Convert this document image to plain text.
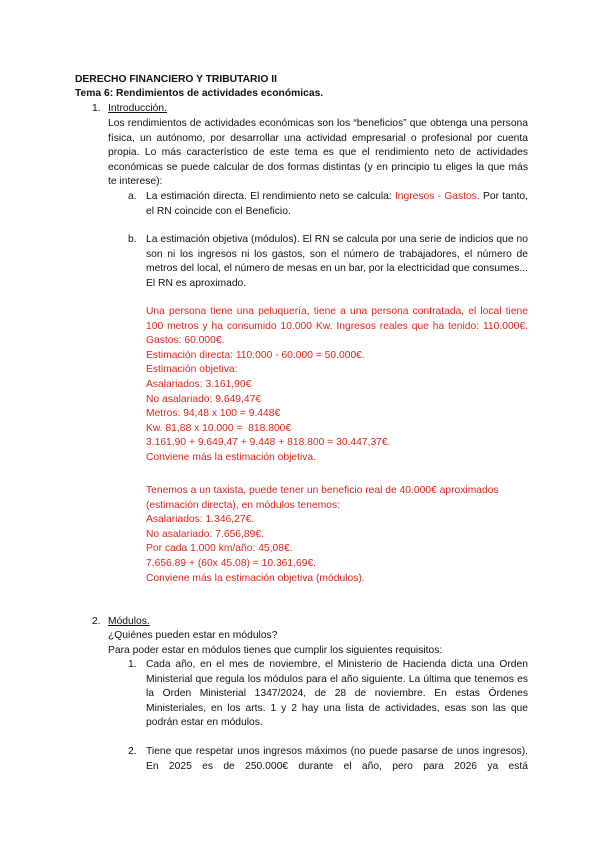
DERECHO FINANCIERO Y TRIBUTARIO II
Tema 6: Rendimientos de actividades económicas.
1. Introducción.

Los rendimientos de actividades económicas son los “beneficios” que obtenga una persona física, un autónomo, por desarrollar una actividad empresarial o profesional por cuenta propia. Lo más característico de este tema es que el rendimiento neto de actividades económicas se puede calcular de dos formas distintas (y en principio tu eliges la que más te interese):

a. La estimación directa. El rendimiento neto se calcula: Ingresos - Gastos. Por tanto, el RN coincide con el Beneficio.

b. La estimación objetiva (módulos). El RN se calcula por una serie de indicios que no son ni los ingresos ni los gastos, son el número de trabajadores, el número de metros del local, el número de mesas en un bar, por la electricidad que consumes... El RN es aproximado.

Una persona tiene una peluquería, tiene a una persona contratada, el local tiene 100 metros y ha consumido 10.000 Kw. Ingresos reales que ha tenido: 110.000€. Gastos: 60.000€.

Estimación directa: 110.000 - 60.000 = 50.000€.

Estimación objetiva:

Asalariados: 3.161,90€

No asalariado: 9.649,47€

Metros: 94,48 x 100 = 9.448€

Kw. 81,88 x 10.000 =  818.800€

3.161,90 + 9.649,47 + 9.448 + 818.800 = 30.447,37€.

Conviene más la estimación objetiva.

Tenemos a un taxista, puede tener un beneficio real de 40.000€ aproximados (estimación directa), en módulos tenemos:

Asalariados: 1.346,27€.

No asalariado: 7.656,89€.

Por cada 1.000 km/año: 45,08€.

7.656.89 + (60x 45.08) = 10.361,69€.

Conviene más la estimación objetiva (módulos).

2. Módulos.
¿Quiénes pueden estar en módulos?
Para poder estar en módulos tienes que cumplir los siguientes requisitos:
1. Cada año, en el mes de noviembre, el Ministerio de Hacienda dicta una Orden Ministerial que regula los módulos para el año siguiente. La última que tenemos es la Orden Ministerial 1347/2024, de 28 de noviembre. En estas Órdenes Ministeriales, en los arts. 1 y 2 hay una lista de actividades, esas son las que podrán estar en módulos.

2. Tiene que respetar unos ingresos máximos (no puede pasarse de unos ingresos). En 2025 es de 250.000€ durante el año, pero para 2026 ya está
